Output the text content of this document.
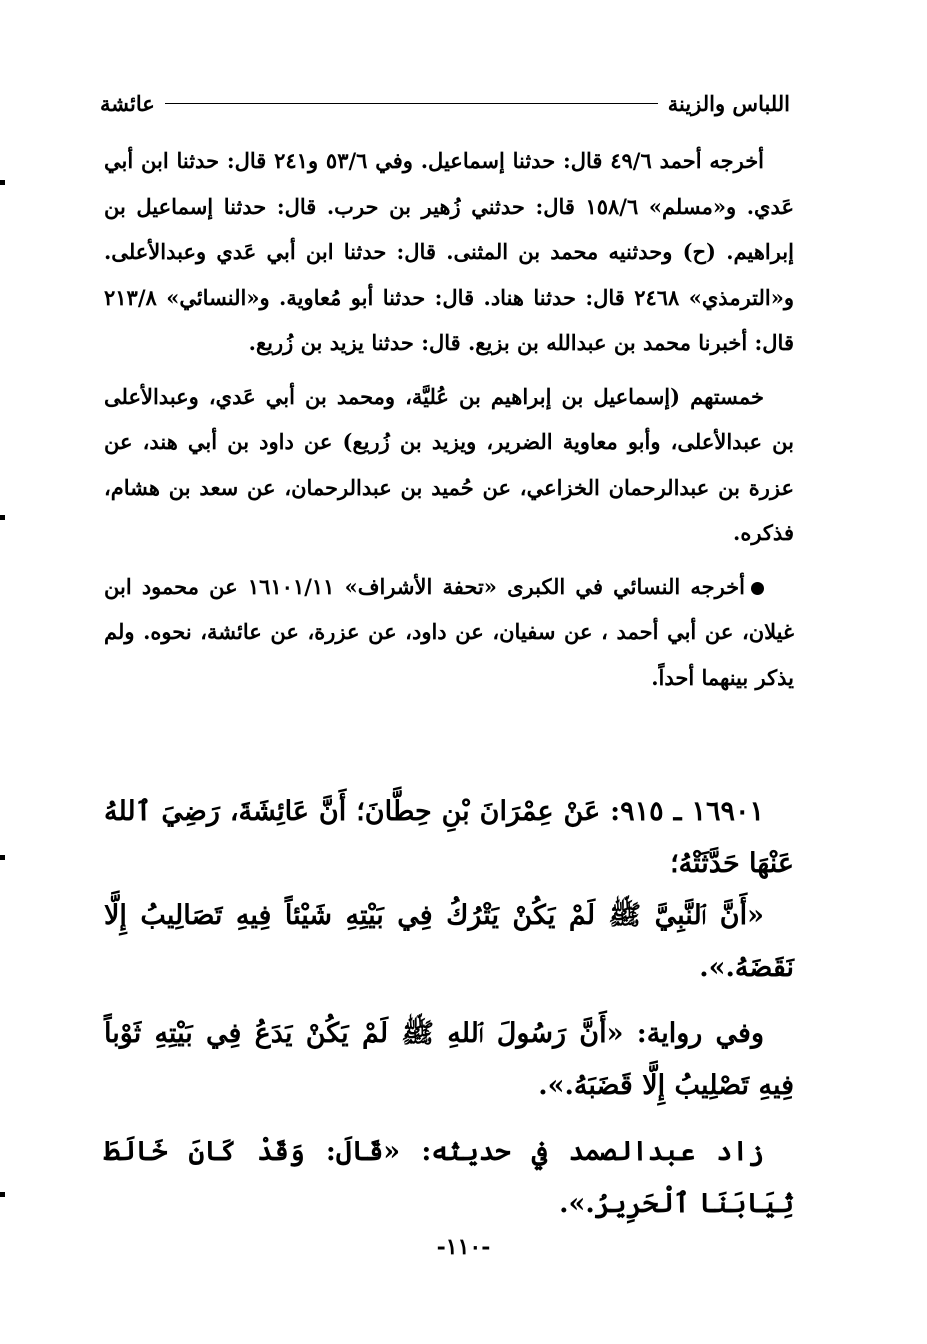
اللباس والزينة
عائشة

أخرجه أحمد ٤٩/٦ قال: حدثنا إسماعيل. وفي ٥٣/٦ و٢٤١ قال: حدثنا ابن أبي عَدي. و«مسلم» ١٥٨/٦ قال: حدثني زُهير بن حرب. قال: حدثنا إسماعيل بن إبراهيم. (ح) وحدثنيه محمد بن المثنى. قال: حدثنا ابن أبي عَدي وعبدالأعلى. و«الترمذي» ٢٤٦٨ قال: حدثنا هناد. قال: حدثنا أبو مُعاوية. و«النسائي» ٢١٣/٨ قال: أخبرنا محمد بن عبدالله بن بزيع. قال: حدثنا يزيد بن زُريع.

خمستهم (إسماعيل بن إبراهيم بن عُليَّة، ومحمد بن أبي عَدي، وعبدالأعلى بن عبدالأعلى، وأبو معاوية الضرير، ويزيد بن زُريع) عن داود بن أبي هند، عن عزرة بن عبدالرحمان الخزاعي، عن حُميد بن عبدالرحمان، عن سعد بن هشام، فذكره.

أخرجه النسائي في الكبرى «تحفة الأشراف» ١٦١٠١/١١ عن محمود ابن غيلان، عن أبي أحمد ، عن سفيان، عن داود، عن عزرة، عن عائشة، نحوه. ولم يذكر بينهما أحداً.

١٦٩٠١ ـ ٩١٥: عَنْ عِمْرَانَ بْنِ حِطَّانَ؛ أَنَّ عَائِشَةَ، رَضِيَ ٱللهُ عَنْهَا حَدَّثَتْهُ؛

«أَنَّ ٱلنَّبِيَّ ﷺ لَمْ يَكُنْ يَتْرُكُ فِي بَيْتِهِ شَيْئاً فِيهِ تَصَالِيبُ إِلَّا نَقَضَهُ.».

وفي رواية: «أَنَّ رَسُولَ ٱللهِ ﷺ لَمْ يَكُنْ يَدَعُ فِي بَيْتِهِ ثَوْباً فِيهِ تَصْلِيبُ إِلَّا قَضَبَهُ.».

زاد عبدالصمد في حديثه: «قَالَ: وَقَدْ كَانَ خَالَطَ ثِيَابَنَا ٱلْحَرِيرُ.».

-١١٠-
